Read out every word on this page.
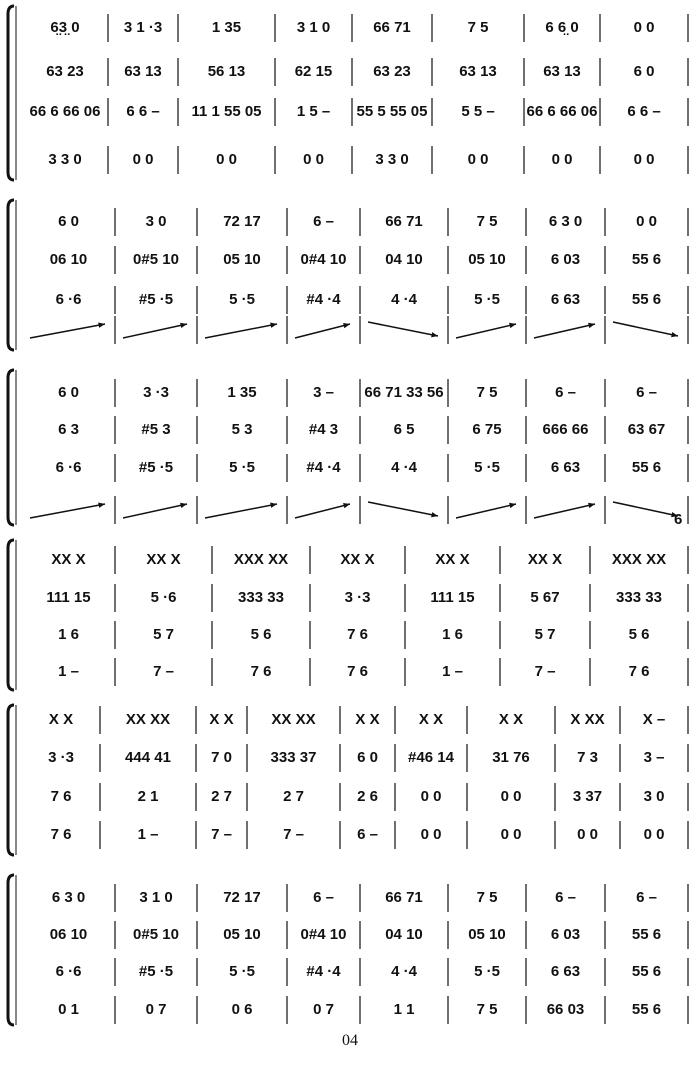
6̤3̤ 0	3 1 ·3	1 35	3 1 0	66 71	7 5	6 6̤ 0	0 0
63 23	63 13	56 13	62 15	63 23	63 13	63 13	6 0
66 6 66 06	6 6 –	11 1 55 05	1 5 –	55 5 55 05	5 5 –	66 6 66 06	6 6 –
3 3 0	0 0	0 0	0 0	3 3 0	0 0	0 0	0 0
6 0	3 0	72 17	6 –	66 71	7 5	6 3 0	0 0
06 10	0#5 10	05 10	0#4 10	04 10	05 10	6 03	55 6
6 ·6	#5 ·5	5 ·5	#4 ·4	4 ·4	5 ·5	6 63	55 6
6 0	3 ·3	1 35	3 –	66 71 33 56	7 5	6 –	6 –
6 3	#5 3	5 3	#4 3	6 5	6 75	666 66	63 67
6 ·6	#5 ·5	5 ·5	#4 ·4	4 ·4	5 ·5	6 63	55 6
6
XX X	XX X	XXX XX	XX X	XX X	XX X	XXX XX
111 15	5 ·6	333 33	3 ·3	111 15	5 67	333 33
1 6	5 7	5 6	7 6	1 6	5 7	5 6
1 –	7 –	7 6	7 6	1 –	7 –	7 6
X X	XX XX	X X	XX XX	X X	X X	X X	X XX	X –
3 ·3	444 41	7 0	333 37	6 0	#46 14	31 76	7 3	3 –
7 6	2 1	2 7	2 7	2 6	0 0	0 0	3 37	3 0
7 6	1 –	7 –	7 –	6 –	0 0	0 0	0 0	0 0
6 3 0	3 1 0	72 17	6 –	66 71	7 5	6 –	6 –
06 10	0#5 10	05 10	0#4 10	04 10	05 10	6 03	55 6
6 ·6	#5 ·5	5 ·5	#4 ·4	4 ·4	5 ·5	6 63	55 6
0 1	0 7	0 6	0 7	1 1	7 5	66 03	55 6
04
